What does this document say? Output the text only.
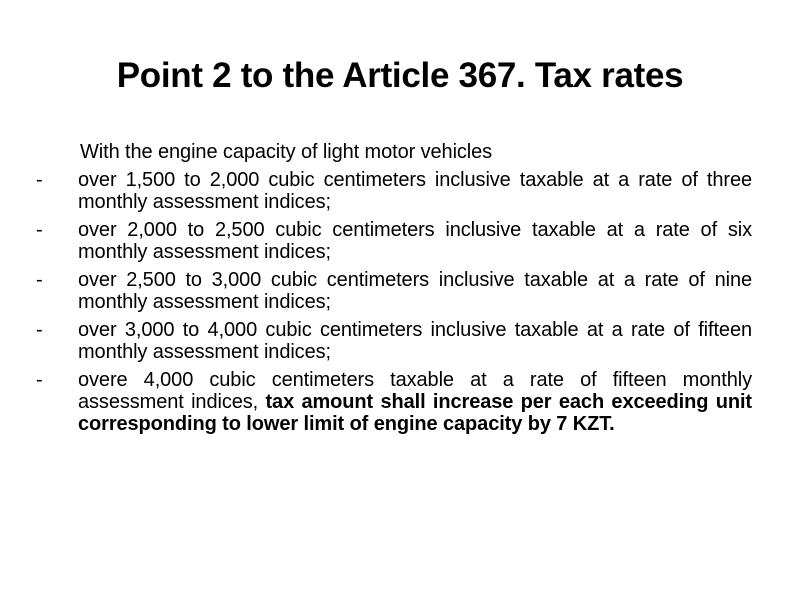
Point 2 to the Article 367. Tax rates
With the engine capacity of light motor vehicles
- over 1,500 to 2,000 cubic centimeters inclusive taxable at a rate of three monthly assessment indices;
- over 2,000 to 2,500 cubic centimeters inclusive taxable at a rate of six monthly assessment indices;
- over 2,500 to 3,000 cubic centimeters inclusive taxable at a rate of nine monthly assessment indices;
- over 3,000 to 4,000 cubic centimeters inclusive taxable at a rate of fifteen monthly assessment indices;
- overe 4,000 cubic centimeters taxable at a rate of fifteen monthly assessment indices, tax amount shall increase per each exceeding unit corresponding to lower limit of engine capacity by 7 KZT.
